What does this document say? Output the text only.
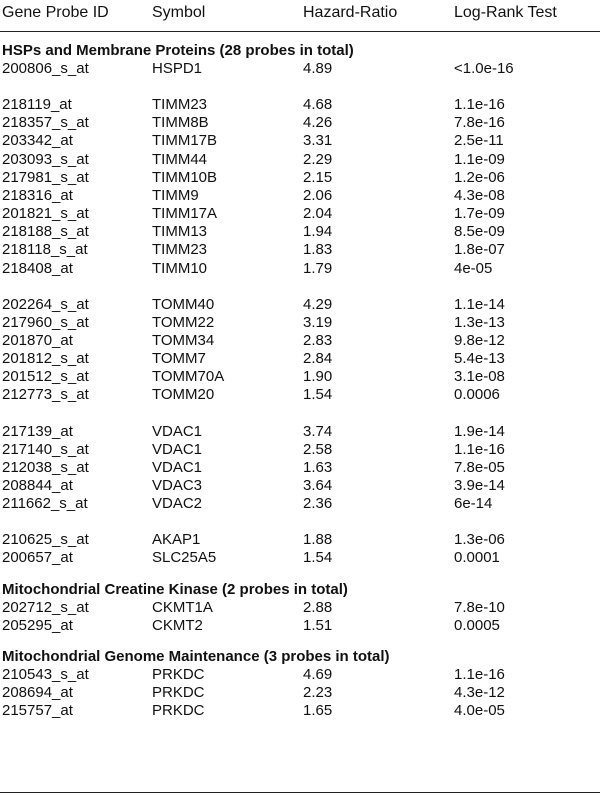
Gene Probe ID	Symbol	Hazard-Ratio	Log-Rank Test
HSPs and Membrane Proteins (28 probes in total)
200806_s_at	HSPD1	4.89	<1.0e-16
218119_at	TIMM23	4.68	1.1e-16
218357_s_at	TIMM8B	4.26	7.8e-16
203342_at	TIMM17B	3.31	2.5e-11
203093_s_at	TIMM44	2.29	1.1e-09
217981_s_at	TIMM10B	2.15	1.2e-06
218316_at	TIMM9	2.06	4.3e-08
201821_s_at	TIMM17A	2.04	1.7e-09
218188_s_at	TIMM13	1.94	8.5e-09
218118_s_at	TIMM23	1.83	1.8e-07
218408_at	TIMM10	1.79	4e-05
202264_s_at	TOMM40	4.29	1.1e-14
217960_s_at	TOMM22	3.19	1.3e-13
201870_at	TOMM34	2.83	9.8e-12
201812_s_at	TOMM7	2.84	5.4e-13
201512_s_at	TOMM70A	1.90	3.1e-08
212773_s_at	TOMM20	1.54	0.0006
217139_at	VDAC1	3.74	1.9e-14
217140_s_at	VDAC1	2.58	1.1e-16
212038_s_at	VDAC1	1.63	7.8e-05
208844_at	VDAC3	3.64	3.9e-14
211662_s_at	VDAC2	2.36	6e-14
210625_s_at	AKAP1	1.88	1.3e-06
200657_at	SLC25A5	1.54	0.0001
Mitochondrial Creatine Kinase (2 probes in total)
202712_s_at	CKMT1A	2.88	7.8e-10
205295_at	CKMT2	1.51	0.0005
Mitochondrial Genome Maintenance (3 probes in total)
210543_s_at	PRKDC	4.69	1.1e-16
208694_at	PRKDC	2.23	4.3e-12
215757_at	PRKDC	1.65	4.0e-05
